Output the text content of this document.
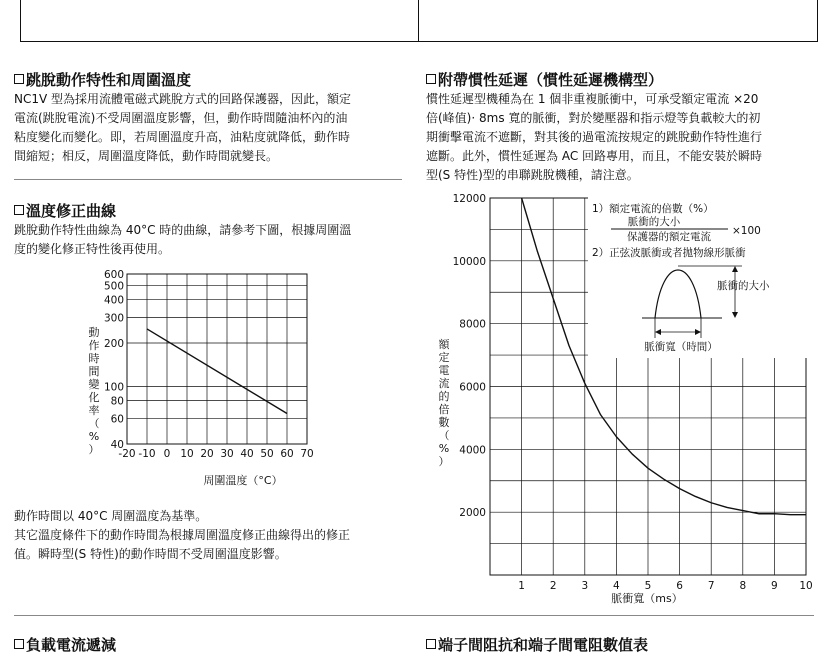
跳脫動作特性和周圍溫度
NC1V 型為採用流體電磁式跳脫方式的回路保護器，因此，額定
電流(跳脫電流)不受周圍溫度影響，但，動作時間隨油杯內的油
粘度變化而變化。即，若周圍溫度升高，油粘度就降低，動作時
間縮短；相反，周圍溫度降低，動作時間就變長。
溫度修正曲線
跳脫動作特性曲線為 40°C 時的曲線，請參考下圖，根據周圍溫
度的變化修正特性後再使用。
-20 -10 0 10 20 30 40 50 60 70
40
60
80
100
200
300
400
500
600
動作時間變化率（%）
周圍溫度（°C）
動作時間以 40°C 周圍溫度為基準。
其它溫度條件下的動作時間為根據周圍溫度修正曲線得出的修正
值。瞬時型(S 特性)的動作時間不受周圍溫度影響。
負載電流遞減
附帶慣性延遲（慣性延遲機構型）
慣性延遲型機種為在 1 個非重複脈衝中，可承受額定電流 ×20
倍(峰值)· 8ms 寬的脈衝，對於變壓器和指示燈等負載較大的初
期衝擊電流不遮斷，對其後的過電流按規定的跳脫動作特性進行
遮斷。此外，慣性延遲為 AC 回路專用，而且，不能安裝於瞬時
型(S 特性)型的串聯跳脫機種，請注意。
1 2 3 4 5 6 7 8 9 10
2000
4000
6000
8000
10000
12000
額定電流的倍數（%）
脈衝寬（ms）
1）額定電流的倍數（%）
脈衝的大小
保護器的額定電流 ×100
2）正弦波脈衝或者拋物線形脈衝
脈衝的大小
脈衝寬（時間）
端子間阻抗和端子間電阻數值表
